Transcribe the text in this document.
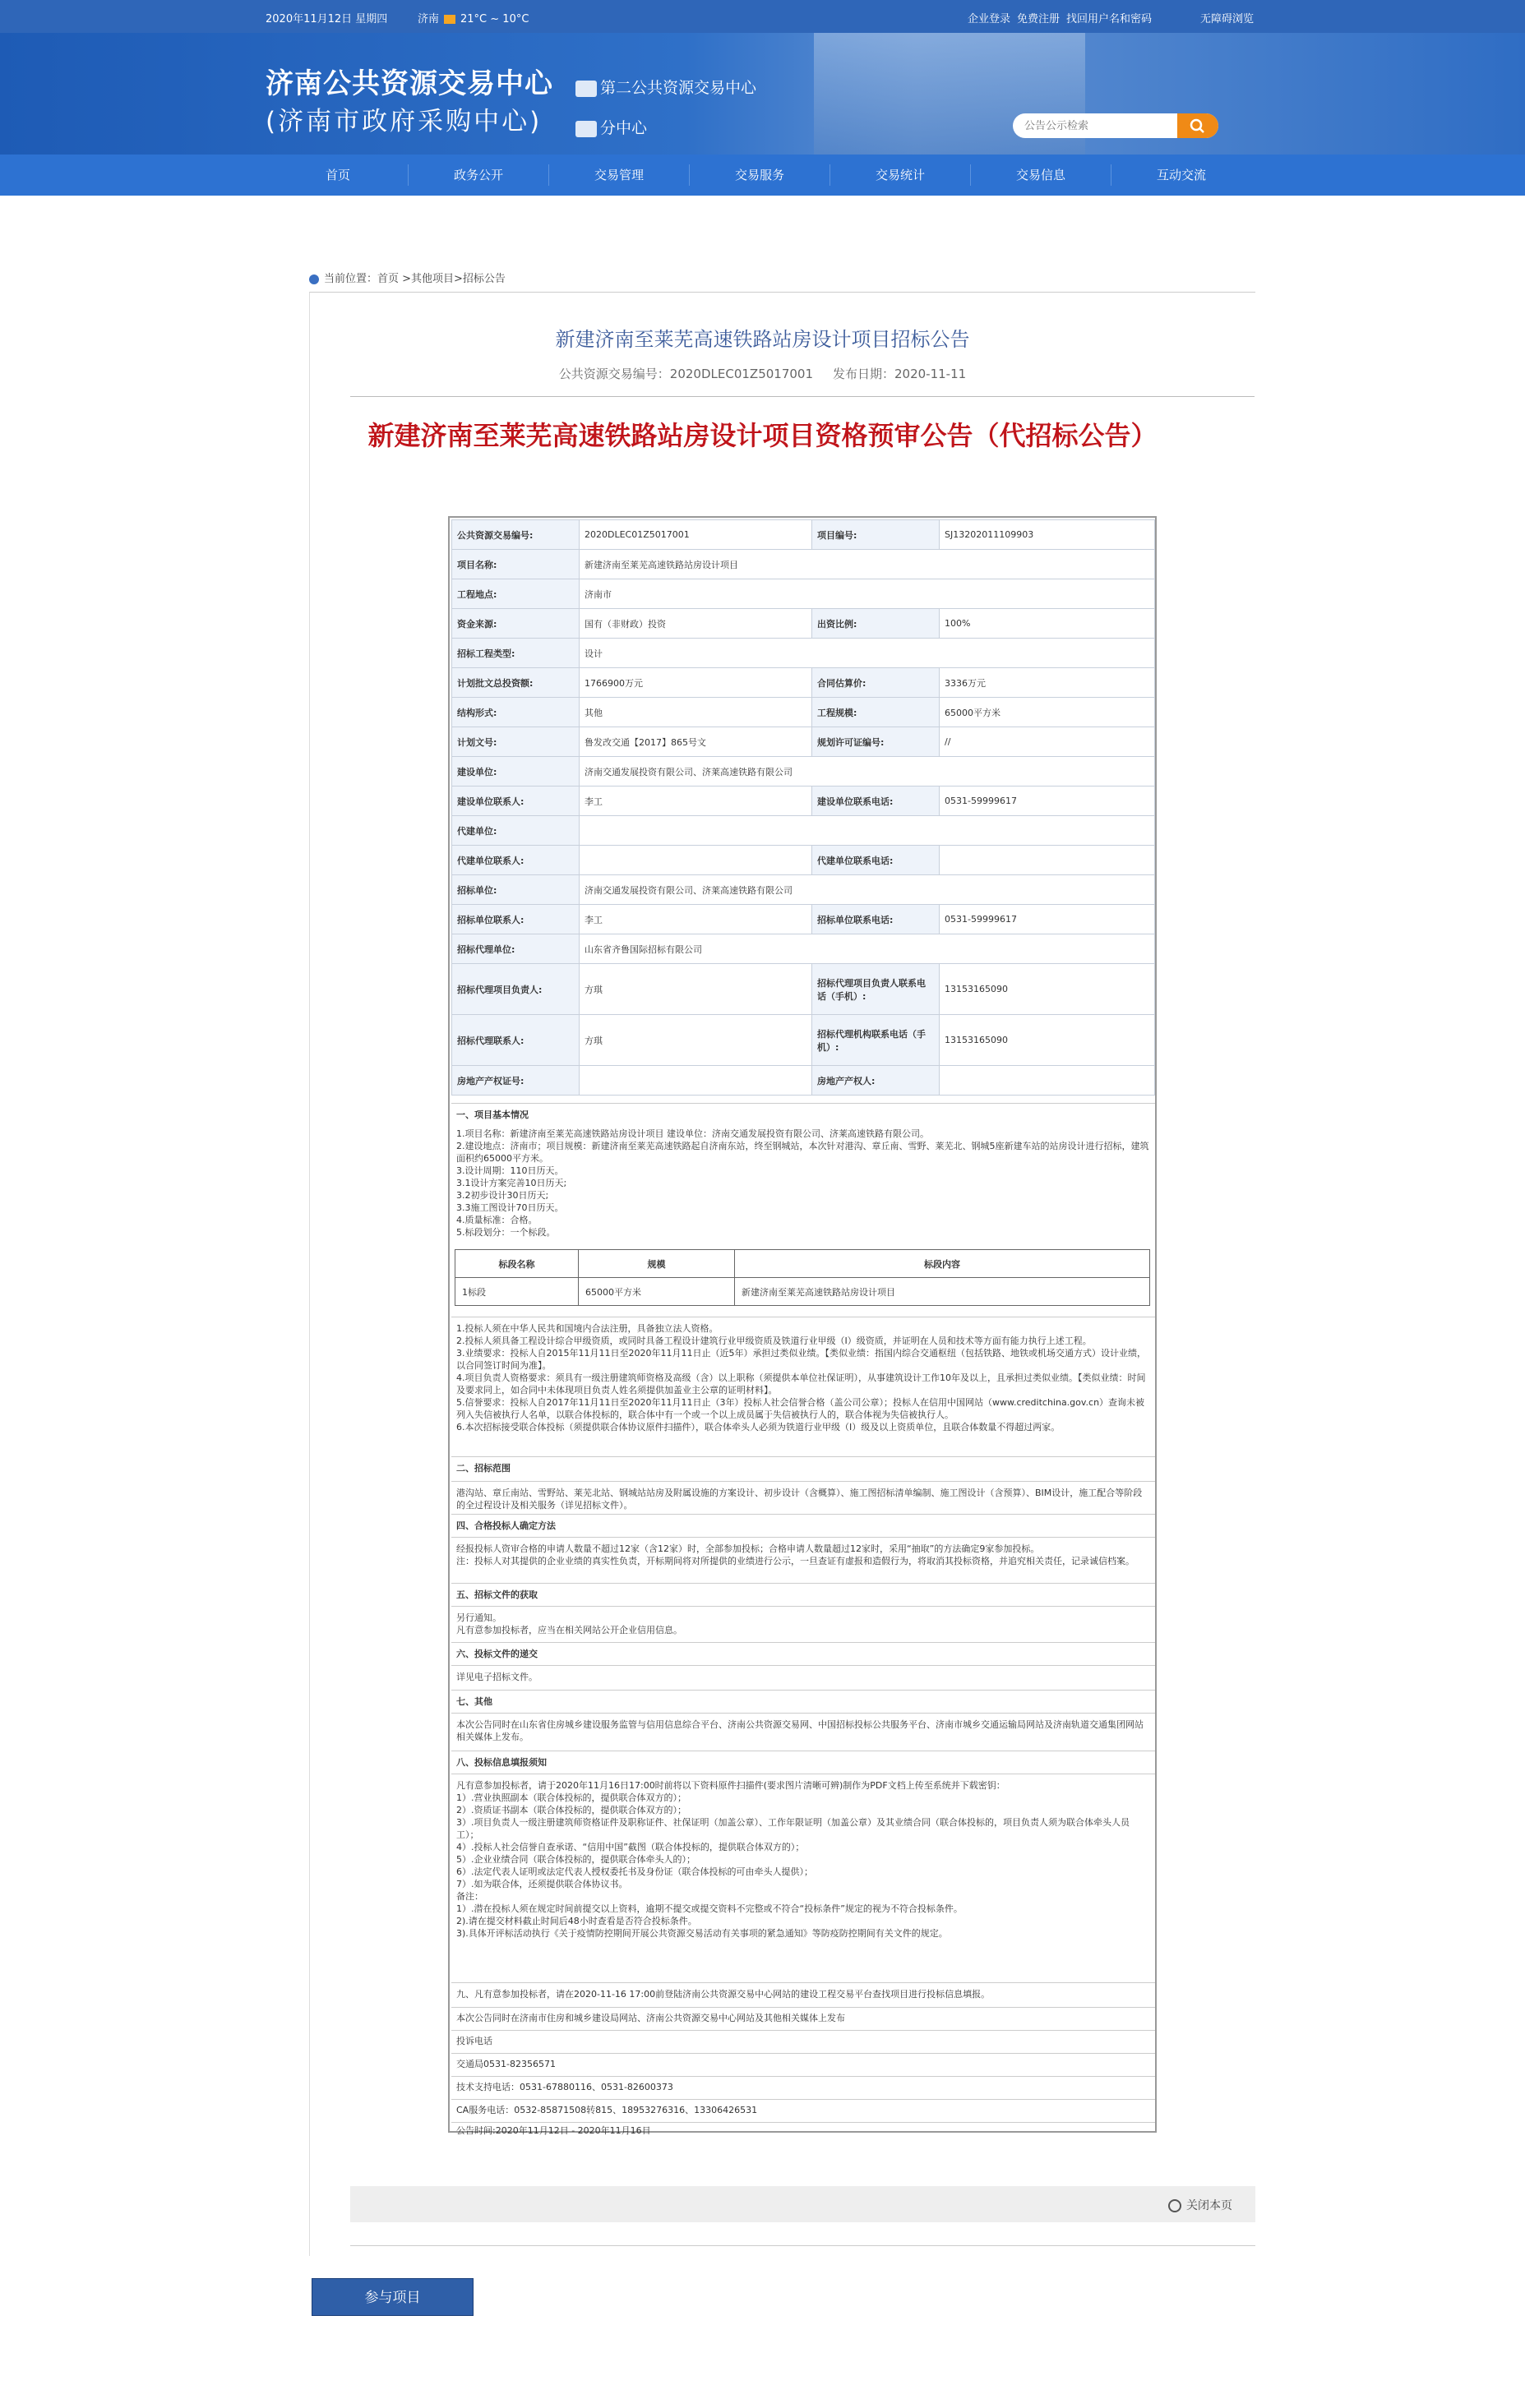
2020年11月12日 星期四	济南 21°C ~ 10°C	企业登录 免费注册 找回用户名和密码	无障碍浏览
济南公共资源交易中心
(济南市政府采购中心)
第二公共资源交易中心
分中心
公告公示检索
首页	政务公开	交易管理	交易服务	交易统计	交易信息	互动交流
当前位置：首页 >其他项目>招标公告
新建济南至莱芜高速铁路站房设计项目招标公告
公共资源交易编号：2020DLEC01Z5017001 发布日期：2020-11-11
新建济南至莱芜高速铁路站房设计项目资格预审公告（代招标公告）
公共资源交易编号:	2020DLEC01Z5017001	项目编号:	SJ13202011109903
项目名称:	新建济南至莱芜高速铁路站房设计项目		
工程地点:	济南市		
资金来源:	国有（非财政）投资	出资比例:	100%
招标工程类型:	设计		
计划批文总投资额:	1766900万元	合同估算价:	3336万元
结构形式:	其他	工程规模:	65000平方米
计划文号:	鲁发改交通【2017】865号文	规划许可证编号:	//
建设单位:	济南交通发展投资有限公司、济莱高速铁路有限公司		
建设单位联系人:	李工	建设单位联系电话:	0531-59999617
代建单位:			
代建单位联系人:		代建单位联系电话:	
招标单位:	济南交通发展投资有限公司、济莱高速铁路有限公司		
招标单位联系人:	李工	招标单位联系电话:	0531-59999617
招标代理单位:	山东省齐鲁国际招标有限公司		
招标代理项目负责人:	方琪	招标代理项目负责人联系电话（手机）:	13153165090
招标代理联系人:	方琪	招标代理机构联系电话（手机）:	13153165090
房地产产权证号:		房地产产权人:	

一、项目基本情况

1.项目名称：新建济南至莱芜高速铁路站房设计项目 建设单位：济南交通发展投资有限公司、济莱高速铁路有限公司。

2.建设地点：济南市；项目规模：新建济南至莱芜高速铁路起自济南东站，终至钢城站，本次针对港沟、章丘南、雪野、莱芜北、钢城5座新建车站的站房设计进行招标，建筑面积约65000平方米。

3.设计周期：110日历天。

3.1设计方案完善10日历天;

3.2初步设计30日历天;

3.3施工图设计70日历天。

4.质量标准：合格。

5.标段划分：一个标段。

标段名称	规模	标段内容
1标段	65000平方米	新建济南至莱芜高速铁路站房设计项目

1.投标人须在中华人民共和国境内合法注册，具备独立法人资格。

2.投标人须具备工程设计综合甲级资质，或同时具备工程设计建筑行业甲级资质及铁道行业甲级（I）级资质，并证明在人员和技术等方面有能力执行上述工程。

3.业绩要求：投标人自2015年11月11日至2020年11月11日止（近5年）承担过类似业绩。【类似业绩：指国内综合交通枢纽（包括铁路、地铁或机场交通方式）设计业绩，以合同签订时间为准】。

4.项目负责人资格要求：须具有一级注册建筑师资格及高级（含）以上职称（须提供本单位社保证明），从事建筑设计工作10年及以上，且承担过类似业绩。【类似业绩：时间及要求同上，如合同中未体现项目负责人姓名须提供加盖业主公章的证明材料】。

5.信誉要求：投标人自2017年11月11日至2020年11月11日止（3年）投标人社会信誉合格（盖公司公章）；投标人在信用中国网站（www.creditchina.gov.cn）查询未被列入失信被执行人名单，以联合体投标的，联合体中有一个或一个以上成员属于失信被执行人的，联合体视为失信被执行人。

6.本次招标接受联合体投标（须提供联合体协议原件扫描件），联合体牵头人必须为铁道行业甲级（I）级及以上资质单位，且联合体数量不得超过两家。

二、招标范围

港沟站、章丘南站、雪野站、莱芜北站、钢城站站房及附属设施的方案设计、初步设计（含概算）、施工图招标清单编制、施工图设计（含预算）、BIM设计，施工配合等阶段的全过程设计及相关服务（详见招标文件）。

四、合格投标人确定方法

经报投标人资审合格的申请人数量不超过12家（含12家）时，全部参加投标；合格申请人数量超过12家时，采用“抽取”的方法确定9家参加投标。

注：投标人对其提供的企业业绩的真实性负责，开标期间将对所提供的业绩进行公示，一旦查证有虚报和造假行为，将取消其投标资格，并追究相关责任，记录诚信档案。

五、招标文件的获取

另行通知。

凡有意参加投标者，应当在相关网站公开企业信用信息。

六、投标文件的递交

详见电子招标文件。

七、其他

本次公告同时在山东省住房城乡建设服务监管与信用信息综合平台、济南公共资源交易网、中国招标投标公共服务平台、济南市城乡交通运输局网站及济南轨道交通集团网站相关媒体上发布。

八、投标信息填报须知

凡有意参加投标者，请于2020年11月16日17:00时前将以下资料原件扫描件(要求图片清晰可辨)制作为PDF文档上传至系统并下载密钥：

1）.营业执照副本（联合体投标的，提供联合体双方的）；

2）.资质证书副本（联合体投标的，提供联合体双方的）；

3）.项目负责人一级注册建筑师资格证件及职称证件、社保证明（加盖公章）、工作年限证明（加盖公章）及其业绩合同（联合体投标的，项目负责人须为联合体牵头人员工）；

4）.投标人社会信誉自查承诺、“信用中国”截图（联合体投标的，提供联合体双方的）；

5）.企业业绩合同（联合体投标的，提供联合体牵头人的）；

6）.法定代表人证明或法定代表人授权委托书及身份证（联合体投标的可由牵头人提供）；

7）.如为联合体，还须提供联合体协议书。

备注：

1）.潜在投标人须在规定时间前提交以上资料，逾期不提交或提交资料不完整或不符合“投标条件”规定的视为不符合投标条件。

2).请在提交材料截止时间后48小时查看是否符合投标条件。

3).具体开评标活动执行《关于疫情防控期间开展公共资源交易活动有关事项的紧急通知》等防疫防控期间有关文件的规定。

九、凡有意参加投标者，请在2020-11-16 17:00前登陆济南公共资源交易中心网站的建设工程交易平台查找项目进行投标信息填报。

本次公告同时在济南市住房和城乡建设局网站、济南公共资源交易中心网站及其他相关媒体上发布
投诉电话
交通局0531-82356571
技术支持电话：0531-67880116、0531-82600373
CA服务电话：0532-85871508转815、18953276316、13306426531
公告时间:2020年11月12日 - 2020年11月16日
关闭本页
参与项目
